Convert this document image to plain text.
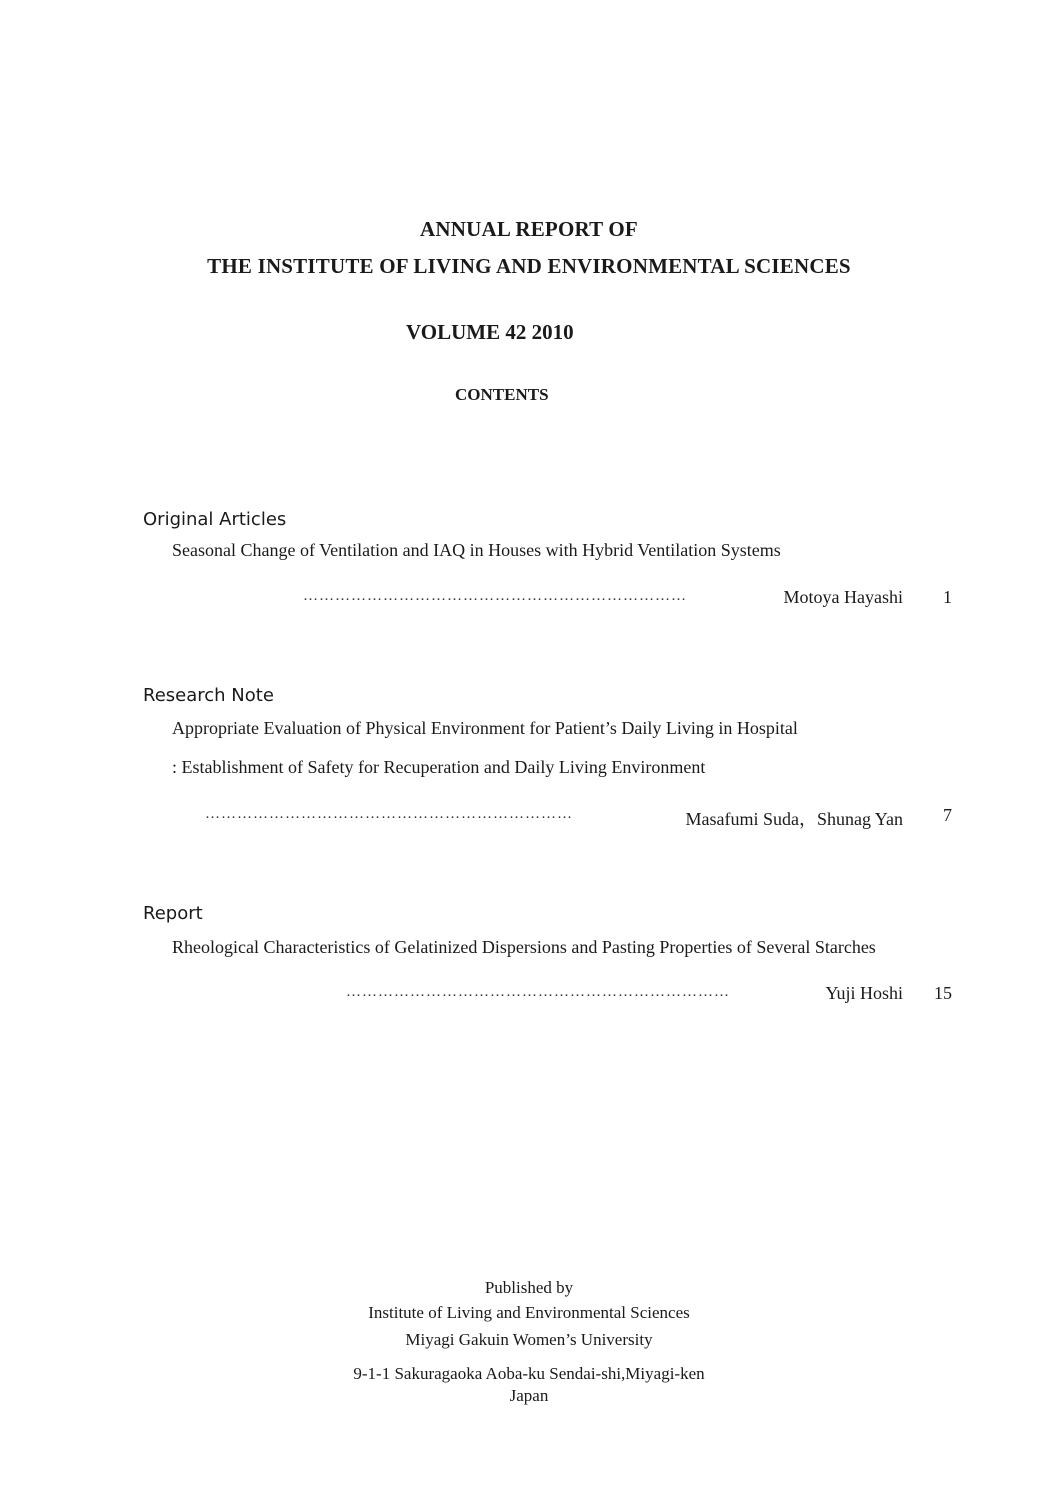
ANNUAL REPORT OF
THE INSTITUTE OF LIVING AND ENVIRONMENTAL SCIENCES
VOLUME 42 2010
CONTENTS
Original Articles
Seasonal Change of Ventilation and IAQ in Houses with Hybrid Ventilation Systems
………………………………………………………………	Motoya Hayashi	1
Research Note
Appropriate Evaluation of Physical Environment for Patient’s Daily Living in Hospital
: Establishment of Safety for Recuperation and Daily Living Environment
……………………………………………………………	Masafumi Suda，Shunag Yan	7
Report
Rheological Characteristics of Gelatinized Dispersions and Pasting Properties of Several Starches
………………………………………………………………	Yuji Hoshi	15
Published by
Institute of Living and Environmental Sciences
Miyagi Gakuin Women’s University
9-1-1 Sakuragaoka Aoba-ku Sendai-shi,Miyagi-ken
Japan
